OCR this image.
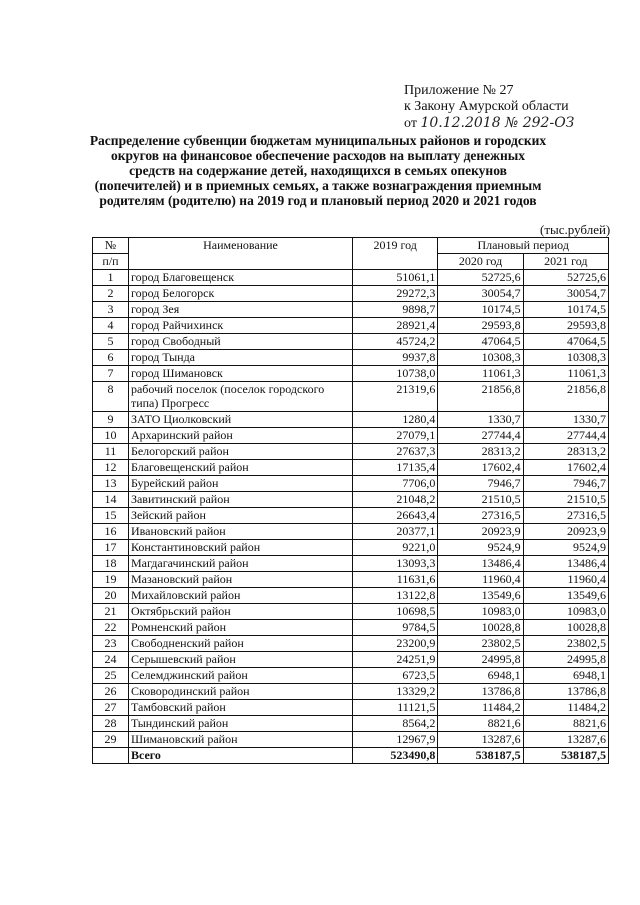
Приложение № 27
к Закону Амурской области
от 10.12.2018 № 292-ОЗ
Распределение субвенции бюджетам муниципальных районов и городских округов на финансовое обеспечение расходов на выплату денежных средств на содержание детей, находящихся в семьях опекунов (попечителей) и в приемных семьях, а также вознаграждения приемным родителям (родителю) на 2019 год и плановый период 2020 и 2021 годов
(тыс.рублей)
№	Наименование	2019 год	Плановый период	
п/п			2020 год	2021 год
1	город Благовещенск	51061,1	52725,6	52725,6
2	город Белогорск	29272,3	30054,7	30054,7
3	город Зея	9898,7	10174,5	10174,5
4	город Райчихинск	28921,4	29593,8	29593,8
5	город Свободный	45724,2	47064,5	47064,5
6	город Тында	9937,8	10308,3	10308,3
7	город Шимановск	10738,0	11061,3	11061,3
8	рабочий поселок (поселок городского типа) Прогресс	21319,6	21856,8	21856,8
9	ЗАТО Циолковский	1280,4	1330,7	1330,7
10	Архаринский район	27079,1	27744,4	27744,4
11	Белогорский район	27637,3	28313,2	28313,2
12	Благовещенский район	17135,4	17602,4	17602,4
13	Бурейский район	7706,0	7946,7	7946,7
14	Завитинский район	21048,2	21510,5	21510,5
15	Зейский район	26643,4	27316,5	27316,5
16	Ивановский район	20377,1	20923,9	20923,9
17	Константиновский район	9221,0	9524,9	9524,9
18	Магдагачинский район	13093,3	13486,4	13486,4
19	Мазановский район	11631,6	11960,4	11960,4
20	Михайловский район	13122,8	13549,6	13549,6
21	Октябрьский район	10698,5	10983,0	10983,0
22	Ромненский район	9784,5	10028,8	10028,8
23	Свободненский район	23200,9	23802,5	23802,5
24	Серышевский район	24251,9	24995,8	24995,8
25	Селемджинский район	6723,5	6948,1	6948,1
26	Сковородинский район	13329,2	13786,8	13786,8
27	Тамбовский район	11121,5	11484,2	11484,2
28	Тындинский район	8564,2	8821,6	8821,6
29	Шимановский район	12967,9	13287,6	13287,6
	Всего	523490,8	538187,5	538187,5
